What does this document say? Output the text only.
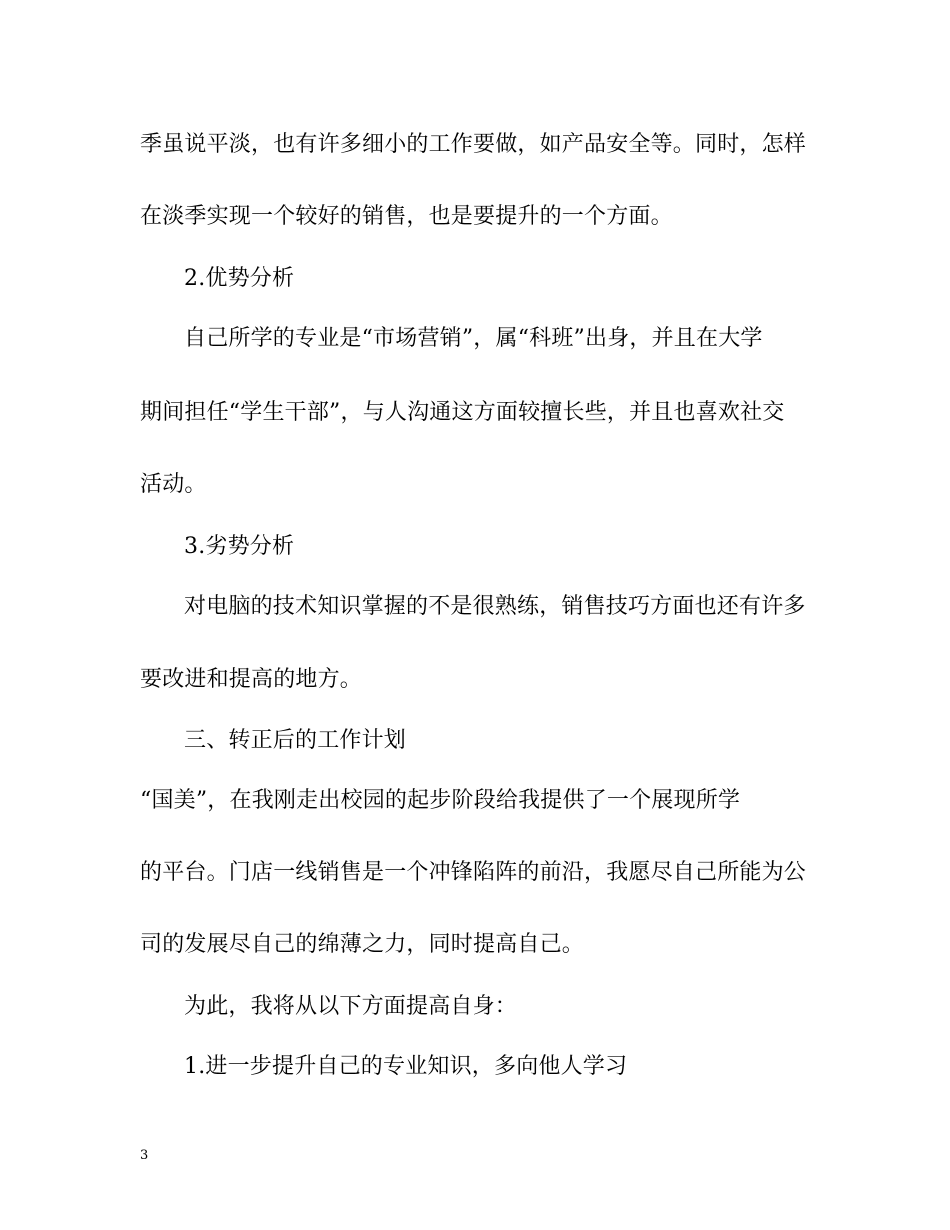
季虽说平淡，也有许多细小的工作要做，如产品安全等。同时，怎样
在淡季实现一个较好的销售，也是要提升的一个方面。
2.优势分析
自己所学的专业是“市场营销”，属“科班”出身，并且在大学
期间担任“学生干部”，与人沟通这方面较擅长些，并且也喜欢社交
活动。
3.劣势分析
对电脑的技术知识掌握的不是很熟练，销售技巧方面也还有许多
要改进和提高的地方。
三、转正后的工作计划
“国美”，在我刚走出校园的起步阶段给我提供了一个展现所学
的平台。门店一线销售是一个冲锋陷阵的前沿，我愿尽自己所能为公
司的发展尽自己的绵薄之力，同时提高自己。
为此，我将从以下方面提高自身：
1.进一步提升自己的专业知识，多向他人学习
3
